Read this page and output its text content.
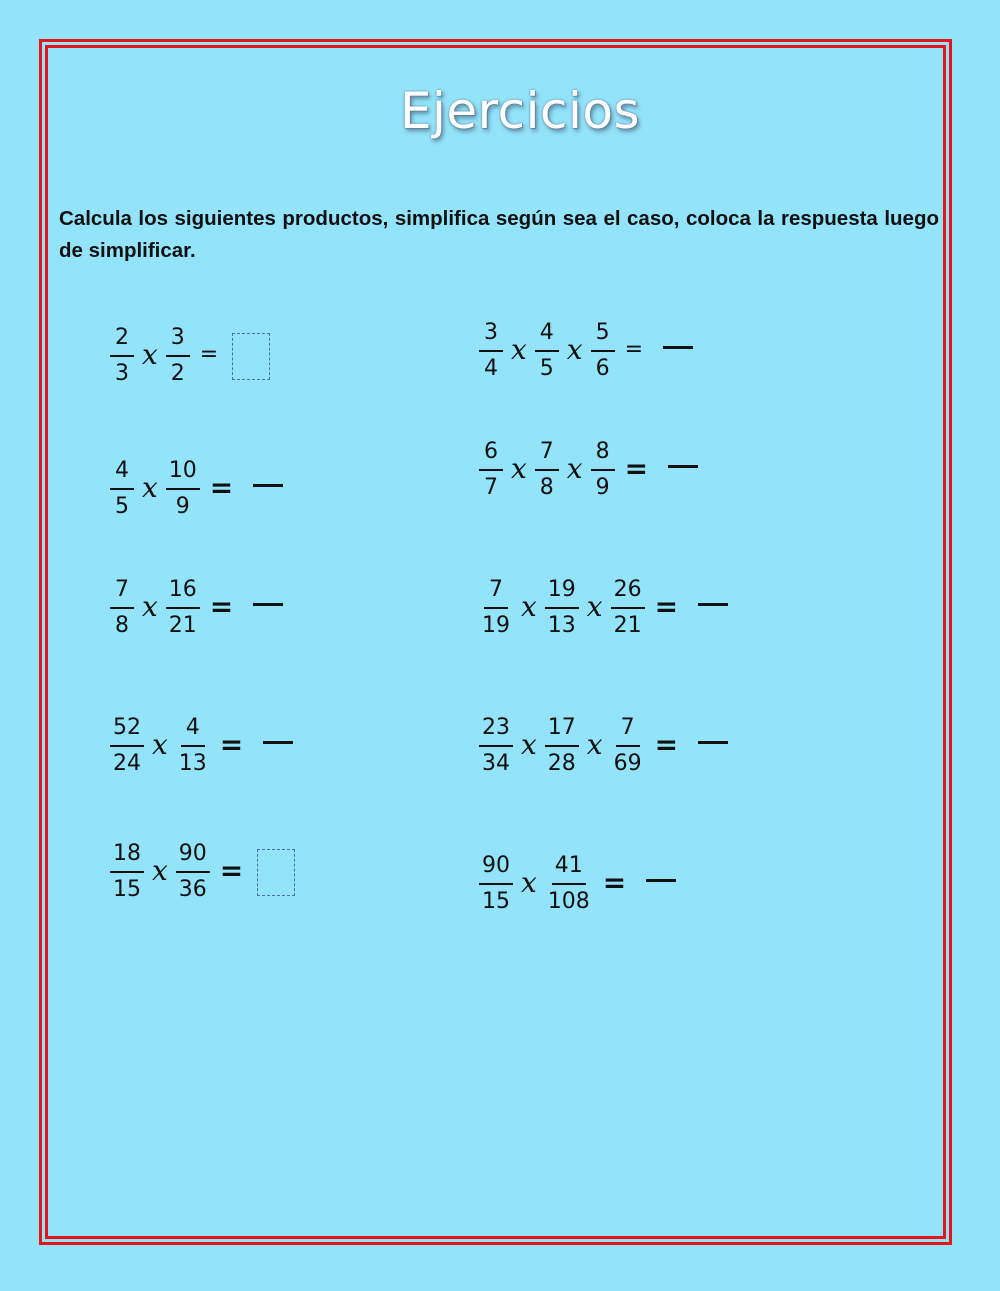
Ejercicios

Calcula los siguientes productos, simplifica según sea el caso, coloca la respuesta luego de simplificar.

$\frac{2}{3}$ x $\frac{3}{2}$ =	$\frac{3}{4}$ x $\frac{4}{5}$ x $\frac{5}{6}$ =
$\frac{4}{5}$ x $\frac{10}{9}$ =	$\frac{6}{7}$ x $\frac{7}{8}$ x $\frac{8}{9}$ =
$\frac{7}{8}$ x $\frac{16}{21}$ =	$\frac{7}{19}$ x $\frac{19}{13}$ x $\frac{26}{21}$ =
$\frac{52}{24}$ x $\frac{4}{13}$ =	$\frac{23}{34}$ x $\frac{17}{28}$ x $\frac{7}{69}$ =
$\frac{18}{15}$ x $\frac{90}{36}$ =	$\frac{90}{15}$ x $\frac{41}{108}$ =
